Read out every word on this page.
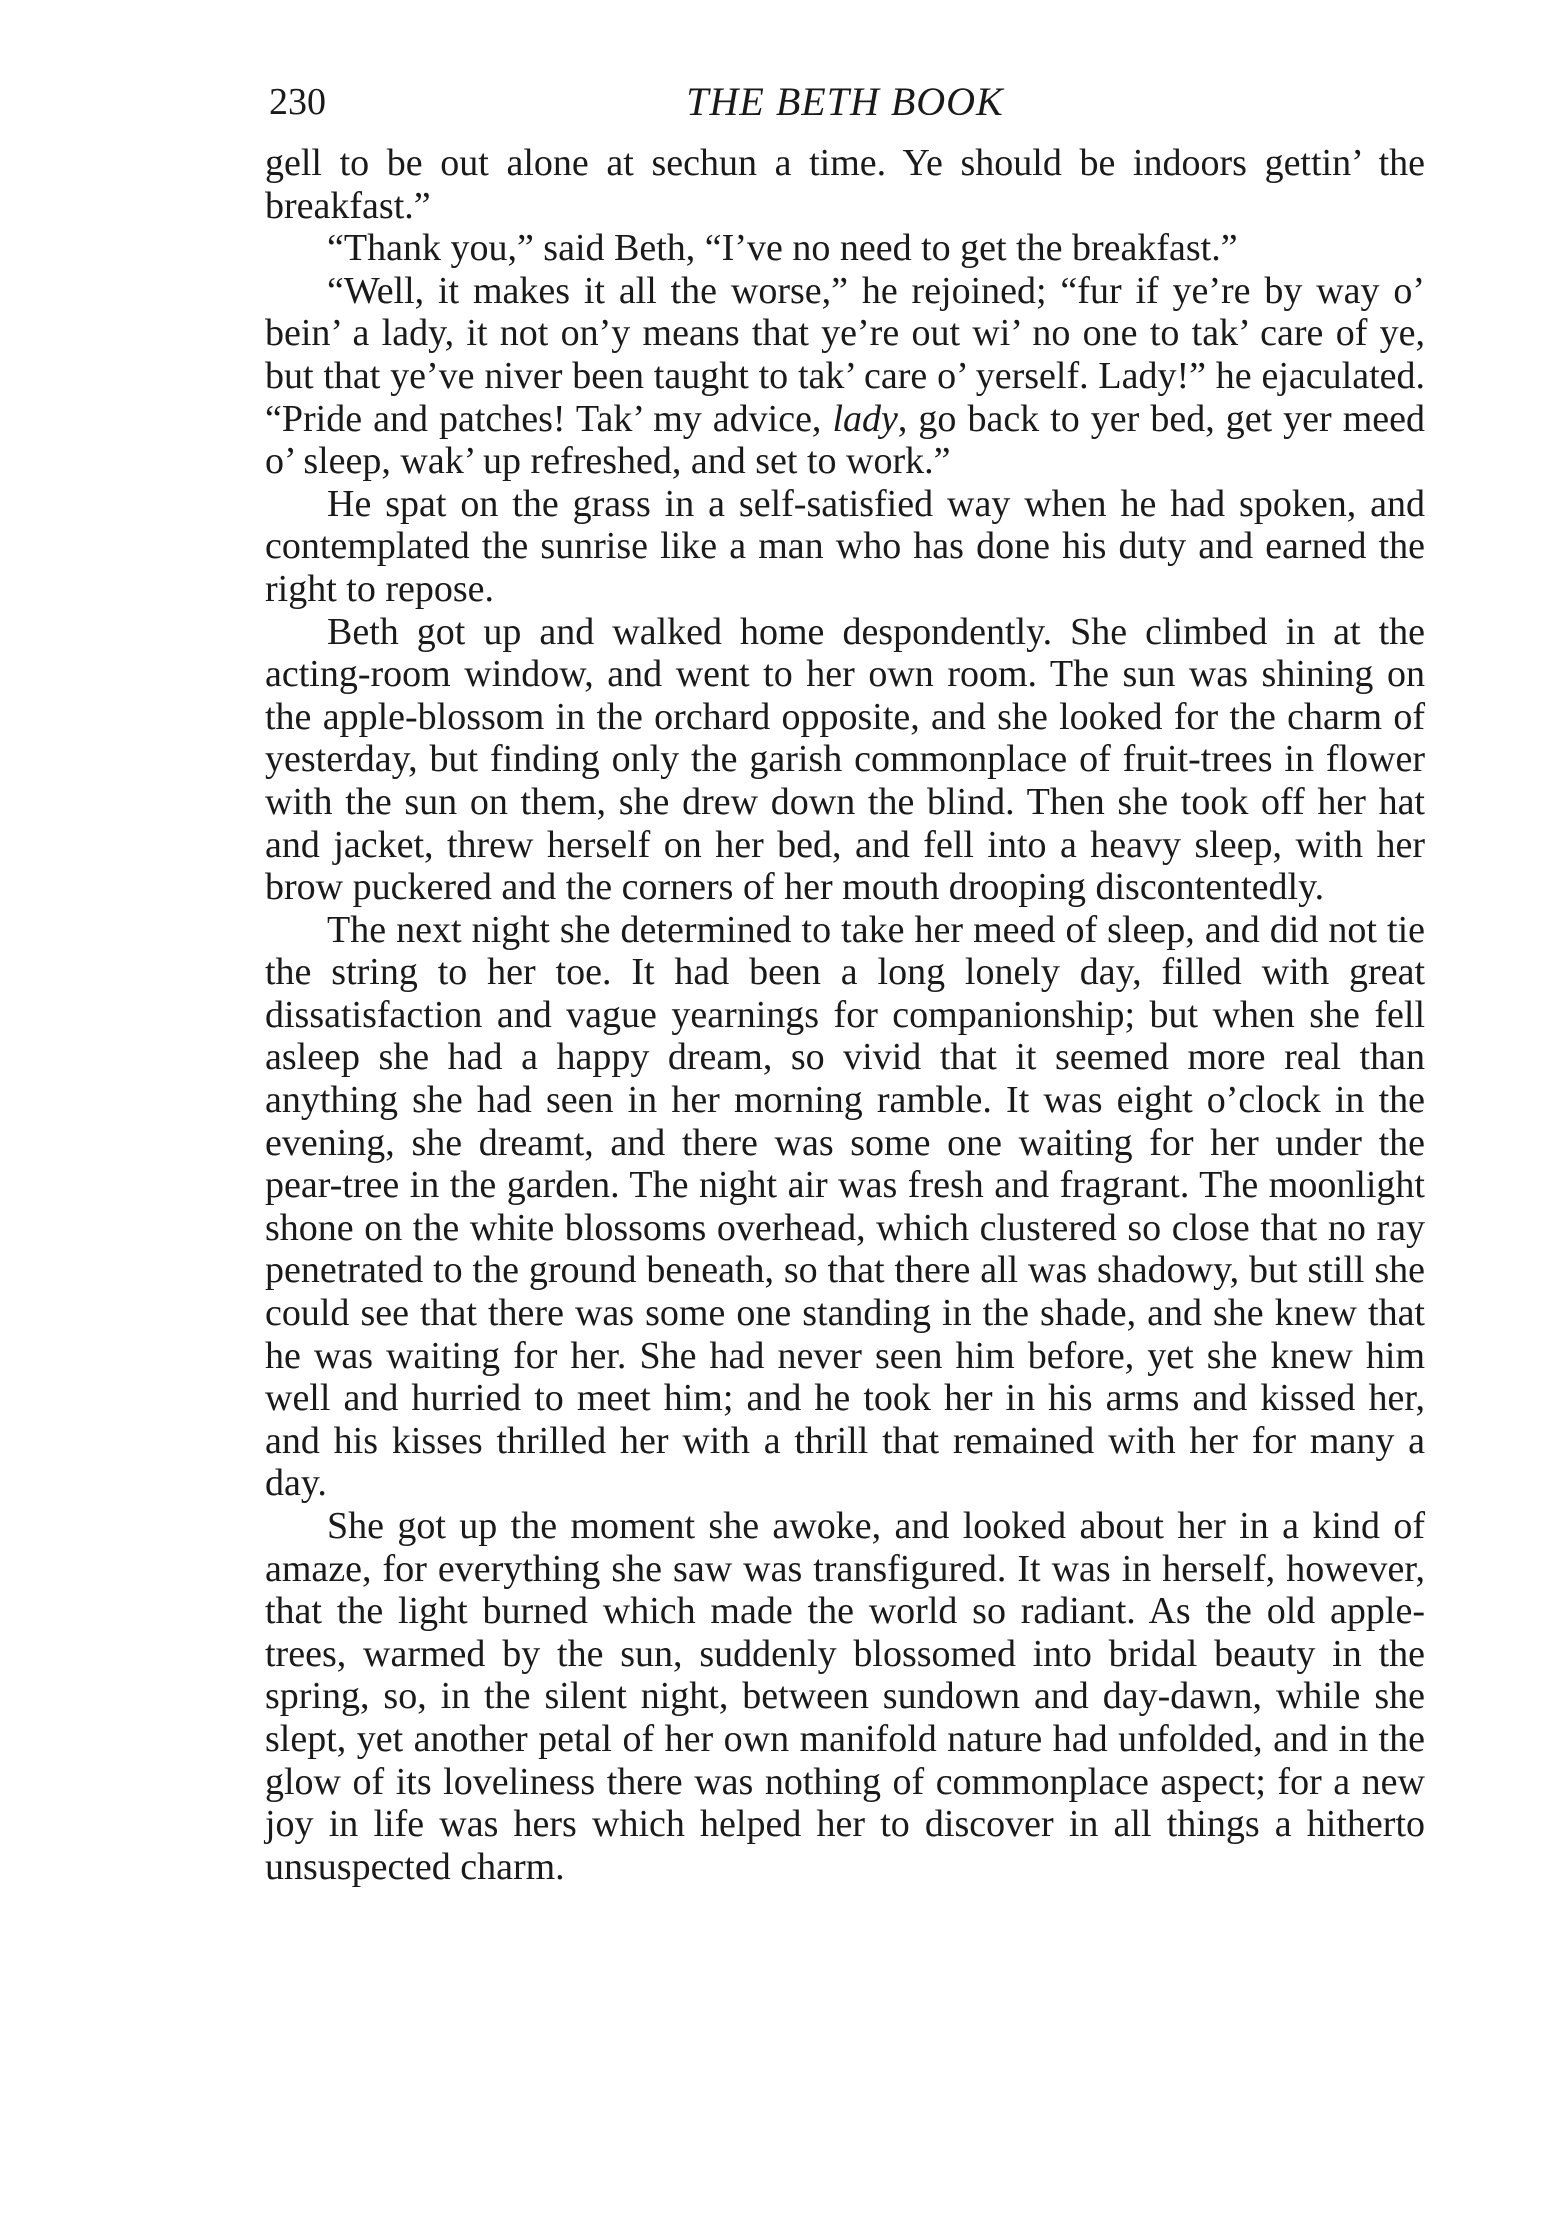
230	THE BETH BOOK

gell to be out alone at sechun a time. Ye should be indoors gettin’ the breakfast.”

“Thank you,” said Beth, “I’ve no need to get the breakfast.”

“Well, it makes it all the worse,” he rejoined; “fur if ye’re by way o’ bein’ a lady, it not on’y means that ye’re out wi’ no one to tak’ care of ye, but that ye’ve niver been taught to tak’ care o’ yerself. Lady!” he ejaculated. “Pride and patches! Tak’ my advice, lady, go back to yer bed, get yer meed o’ sleep, wak’ up refreshed, and set to work.”

He spat on the grass in a self-satisfied way when he had spoken, and contemplated the sunrise like a man who has done his duty and earned the right to repose.

Beth got up and walked home despondently. She climbed in at the acting-room window, and went to her own room. The sun was shining on the apple-blossom in the orchard opposite, and she looked for the charm of yesterday, but finding only the garish commonplace of fruit-trees in flower with the sun on them, she drew down the blind. Then she took off her hat and jacket, threw herself on her bed, and fell into a heavy sleep, with her brow puckered and the corners of her mouth drooping discontentedly.

The next night she determined to take her meed of sleep, and did not tie the string to her toe. It had been a long lonely day, filled with great dissatisfaction and vague yearnings for companionship; but when she fell asleep she had a happy dream, so vivid that it seemed more real than anything she had seen in her morning ramble. It was eight o’clock in the evening, she dreamt, and there was some one waiting for her under the pear-tree in the garden. The night air was fresh and fragrant. The moonlight shone on the white blossoms overhead, which clustered so close that no ray penetrated to the ground beneath, so that there all was shadowy, but still she could see that there was some one standing in the shade, and she knew that he was waiting for her. She had never seen him before, yet she knew him well and hurried to meet him; and he took her in his arms and kissed her, and his kisses thrilled her with a thrill that remained with her for many a day.

She got up the moment she awoke, and looked about her in a kind of amaze, for everything she saw was transfigured. It was in herself, however, that the light burned which made the world so radiant. As the old apple-trees, warmed by the sun, suddenly blossomed into bridal beauty in the spring, so, in the silent night, between sundown and day-dawn, while she slept, yet another petal of her own manifold nature had unfolded, and in the glow of its loveliness there was nothing of commonplace aspect; for a new joy in life was hers which helped her to discover in all things a hitherto unsuspected charm.
